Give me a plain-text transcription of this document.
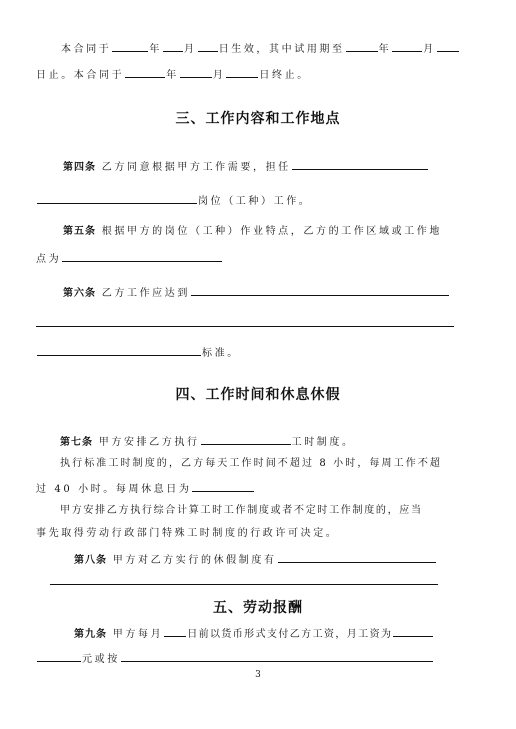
本合同于	年 月 日生效，其中试用期至	年	月
日止。本合同于	年	月	日终止。
三、工作内容和工作地点
第四条 乙方同意根据甲方工作需要，担任
岗位（工种）工作。
第五条 根据甲方的岗位（工种）作业特点，乙方的工作区域或工作地
点为
第六条 乙方工作应达到
标准。
四、工作时间和休息休假
第七条 甲方安排乙方执行	工时制度。
执行标准工时制度的，乙方每天工作时间不超过 8 小时，每周工作不超
过 40 小时。每周休息日为
甲方安排乙方执行综合计算工时工作制度或者不定时工作制度的，应当
事先取得劳动行政部门特殊工时制度的行政许可决定。
第八条 甲方对乙方实行的休假制度有
五、劳动报酬
第九条 甲方每月 日前以货币形式支付乙方工资，月工资为
元或按
3
